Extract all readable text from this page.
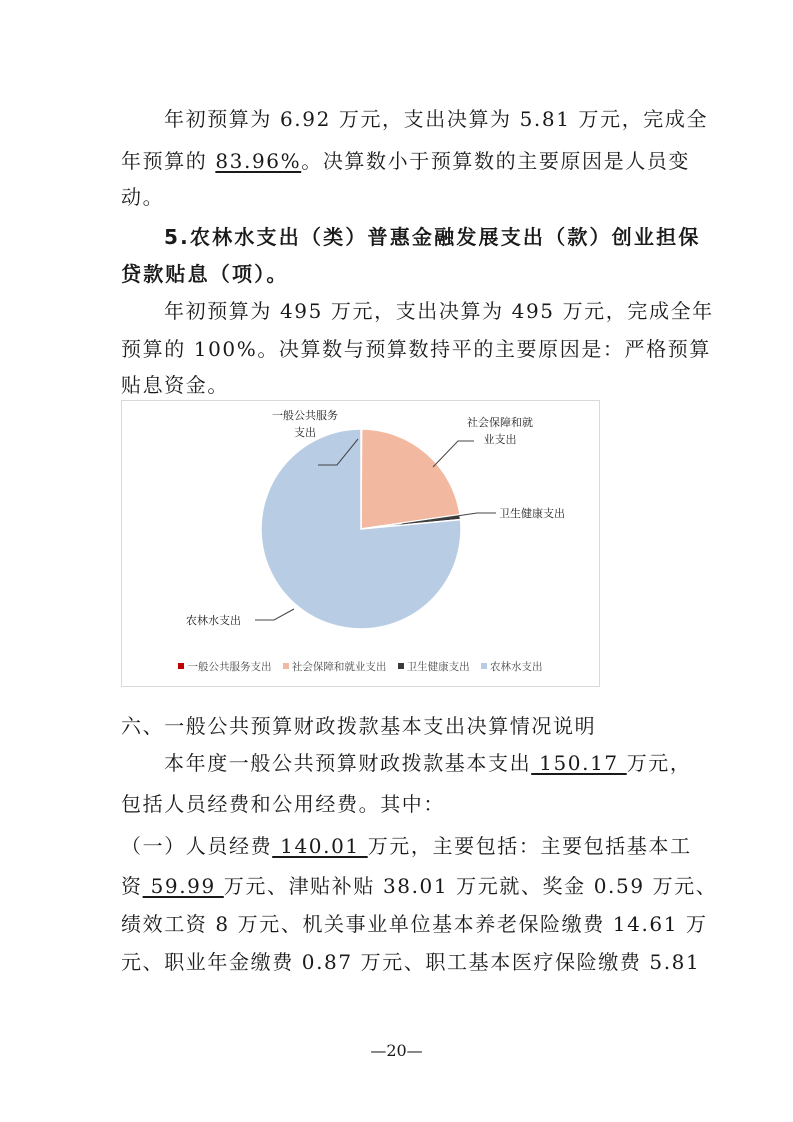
年初预算为 6.92 万元，支出决算为 5.81 万元，完成全
年预算的 83.96%。决算数小于预算数的主要原因是人员变
动。
5.农林水支出（类）普惠金融发展支出（款）创业担保
贷款贴息（项）。
年初预算为 495 万元，支出决算为 495 万元，完成全年
预算的 100%。决算数与预算数持平的主要原因是：严格预算
贴息资金。
一般公共服务
支出
社会保障和就
业支出
卫生健康支出
农林水支出
一般公共服务支出 社会保障和就业支出 卫生健康支出 农林水支出
六、一般公共预算财政拨款基本支出决算情况说明
本年度一般公共预算财政拨款基本支出 150.17 万元，
包括人员经费和公用经费。其中：
（一）人员经费 140.01 万元，主要包括：主要包括基本工
资 59.99 万元、津贴补贴 38.01 万元就、奖金 0.59 万元、
绩效工资 8 万元、机关事业单位基本养老保险缴费 14.61 万
元、职业年金缴费 0.87 万元、职工基本医疗保险缴费 5.81
—20—
